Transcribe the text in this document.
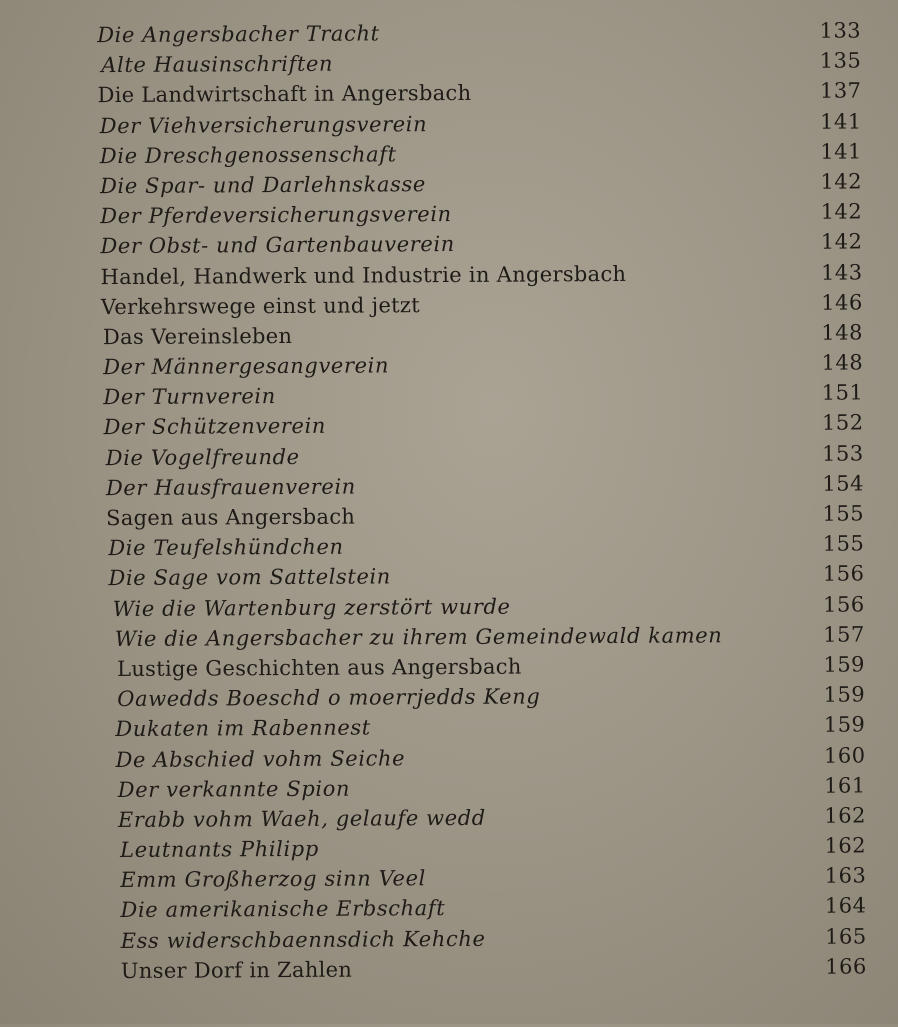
Die Angersbacher Tracht	133
Alte Hausinschriften	135
Die Landwirtschaft in Angersbach	137
Der Viehversicherungsverein	141
Die Dreschgenossenschaft	141
Die Spar- und Darlehnskasse	142
Der Pferdeversicherungsverein	142
Der Obst- und Gartenbauverein	142
Handel, Handwerk und Industrie in Angersbach	143
Verkehrswege einst und jetzt	146
Das Vereinsleben	148
Der Männergesangverein	148
Der Turnverein	151
Der Schützenverein	152
Die Vogelfreunde	153
Der Hausfrauenverein	154
Sagen aus Angersbach	155
Die Teufelshündchen	155
Die Sage vom Sattelstein	156
Wie die Wartenburg zerstört wurde	156
Wie die Angersbacher zu ihrem Gemeindewald kamen	157
Lustige Geschichten aus Angersbach	159
Oawedds Boeschd o moerrjedds Keng	159
Dukaten im Rabennest	159
De Abschied vohm Seiche	160
Der verkannte Spion	161
Erabb vohm Waeh, gelaufe wedd	162
Leutnants Philipp	162
Emm Großherzog sinn Veel	163
Die amerikanische Erbschaft	164
Ess widerschbaennsdich Kehche	165
Unser Dorf in Zahlen	166
